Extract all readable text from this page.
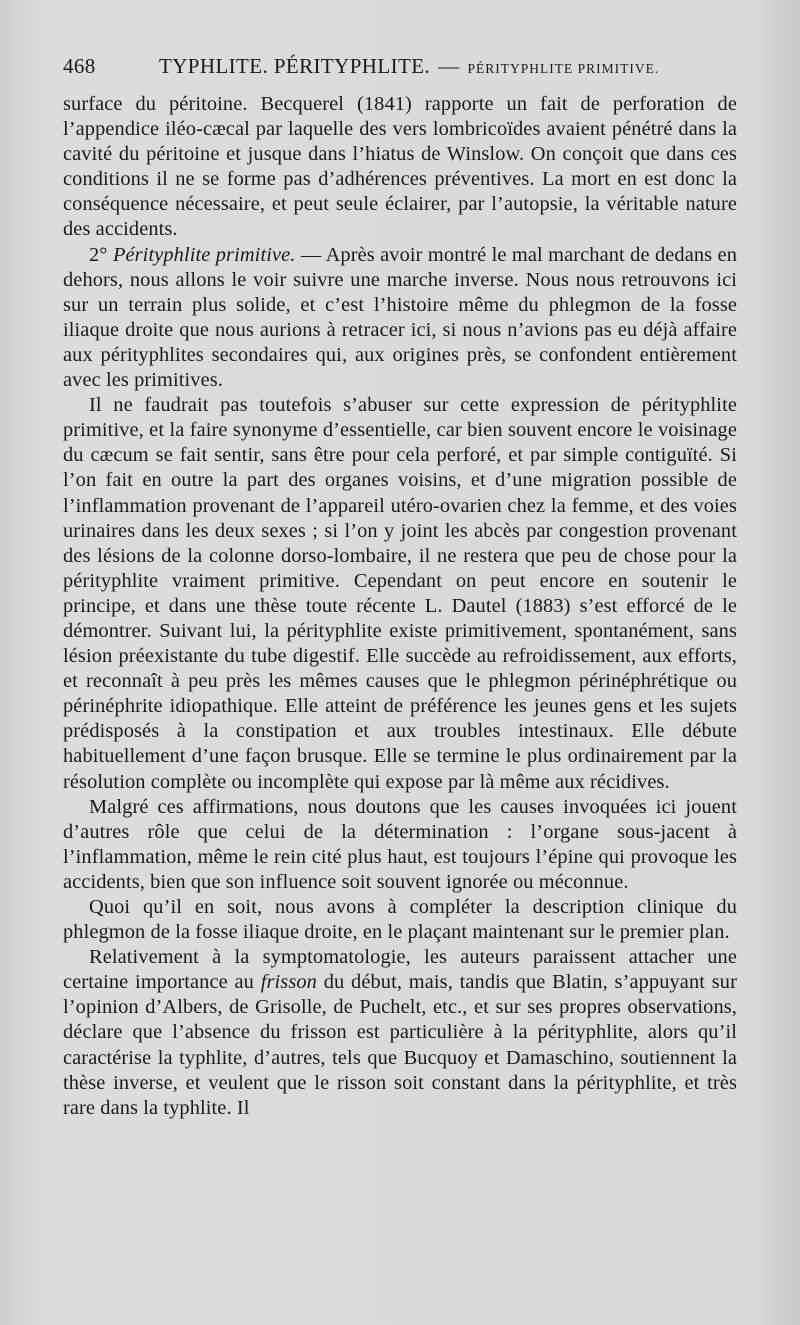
468	TYPHLITE. PÉRITYPHLITE. — PÉRITYPHLITE PRIMITIVE.

surface du péritoine. Becquerel (1841) rapporte un fait de perforation de l’appendice iléo-cæcal par laquelle des vers lombricoïdes avaient pénétré dans la cavité du péritoine et jusque dans l’hiatus de Winslow. On conçoit que dans ces conditions il ne se forme pas d’adhérences préventives. La mort en est donc la conséquence nécessaire, et peut seule éclairer, par l’autopsie, la véritable nature des accidents.

2° Pérityphlite primitive. — Après avoir montré le mal marchant de dedans en dehors, nous allons le voir suivre une marche inverse. Nous nous retrouvons ici sur un terrain plus solide, et c’est l’histoire même du phlegmon de la fosse iliaque droite que nous aurions à retracer ici, si nous n’avions pas eu déjà affaire aux pérityphlites secondaires qui, aux origines près, se confondent entièrement avec les primitives.

Il ne faudrait pas toutefois s’abuser sur cette expression de pérityphlite primitive, et la faire synonyme d’essentielle, car bien souvent encore le voisinage du cæcum se fait sentir, sans être pour cela perforé, et par simple contiguïté. Si l’on fait en outre la part des organes voisins, et d’une migration possible de l’inflammation provenant de l’appareil utéro-ovarien chez la femme, et des voies urinaires dans les deux sexes ; si l’on y joint les abcès par congestion provenant des lésions de la colonne dorso-lombaire, il ne restera que peu de chose pour la pérityphlite vraiment primitive. Cependant on peut encore en soutenir le principe, et dans une thèse toute récente L. Dautel (1883) s’est efforcé de le démontrer. Suivant lui, la pérityphlite existe primitivement, spontanément, sans lésion préexistante du tube digestif. Elle succède au refroidissement, aux efforts, et reconnaît à peu près les mêmes causes que le phlegmon périnéphrétique ou périnéphrite idiopathique. Elle atteint de préférence les jeunes gens et les sujets prédisposés à la constipation et aux troubles intestinaux. Elle débute habituellement d’une façon brusque. Elle se termine le plus ordinairement par la résolution complète ou incomplète qui expose par là même aux récidives.

Malgré ces affirmations, nous doutons que les causes invoquées ici jouent d’autres rôle que celui de la détermination : l’organe sous-jacent à l’inflammation, même le rein cité plus haut, est toujours l’épine qui provoque les accidents, bien que son influence soit souvent ignorée ou méconnue.

Quoi qu’il en soit, nous avons à compléter la description clinique du phlegmon de la fosse iliaque droite, en le plaçant maintenant sur le premier plan.

Relativement à la symptomatologie, les auteurs paraissent attacher une certaine importance au frisson du début, mais, tandis que Blatin, s’appuyant sur l’opinion d’Albers, de Grisolle, de Puchelt, etc., et sur ses propres observations, déclare que l’absence du frisson est particulière à la pérityphlite, alors qu’il caractérise la typhlite, d’autres, tels que Bucquoy et Damaschino, soutiennent la thèse inverse, et veulent que le risson soit constant dans la pérityphlite, et très rare dans la typhlite. Il
